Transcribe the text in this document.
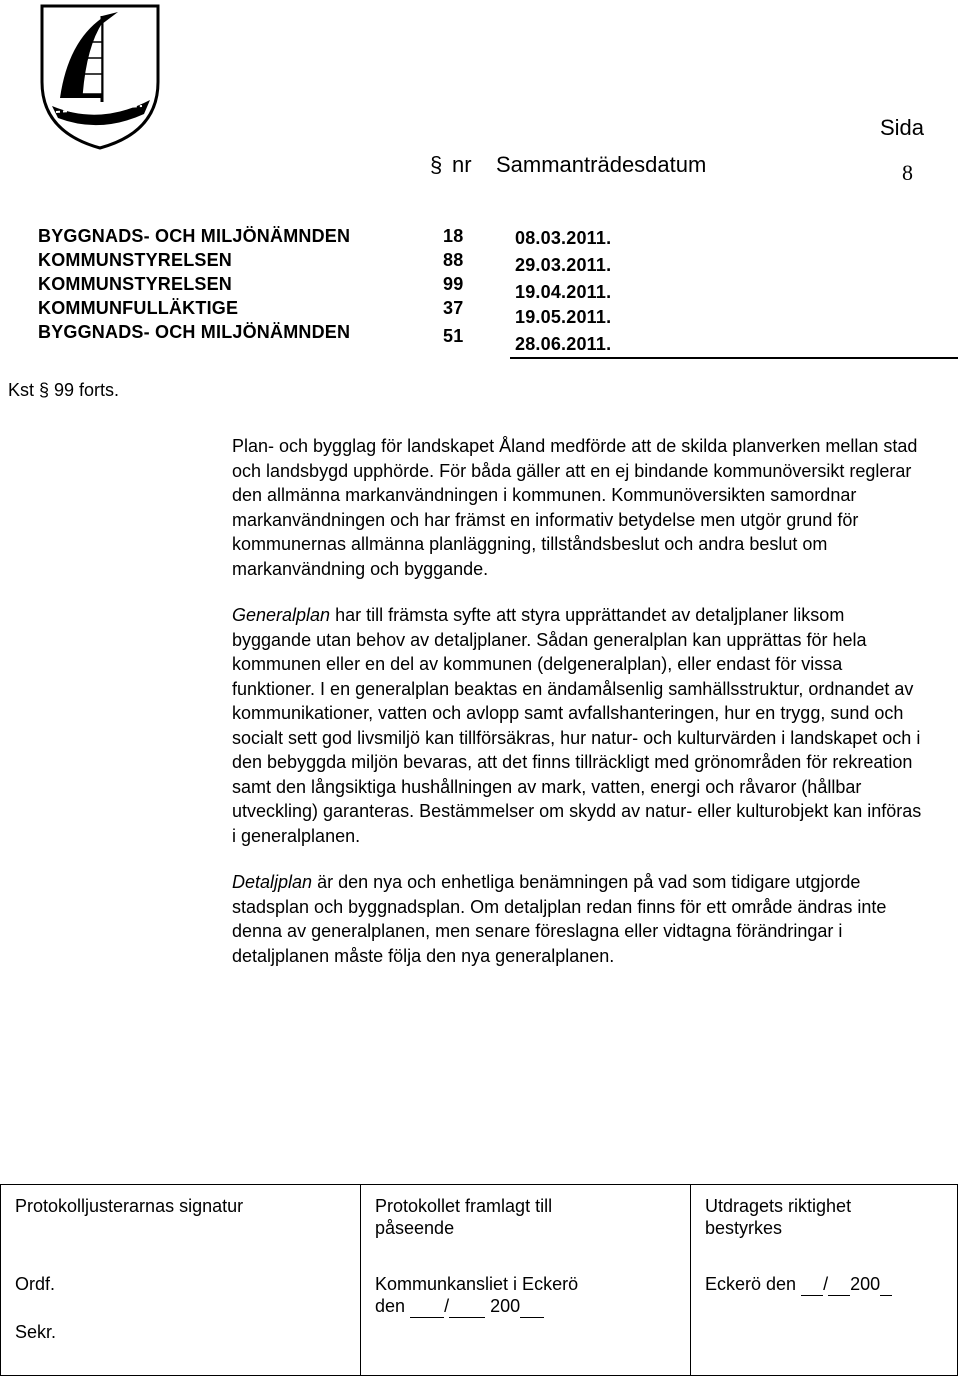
ECKERÖ KOMMUN	SAMMANTRÄDESPROTOKOLL
Sida
8
§ nr Sammanträdesdatum
BYGGNADS- OCH MILJÖNÄMNDEN	18	08.03.2011.
KOMMUNSTYRELSEN	88	29.03.2011.
KOMMUNSTYRELSEN	99	19.04.2011.
KOMMUNFULLÄKTIGE	37	19.05.2011.
BYGGNADS- OCH MILJÖNÄMNDEN	51	28.06.2011.
Kst § 99 forts.

Plan- och bygglag för landskapet Åland medförde att de skilda planverken mellan stad och landsbygd upphörde. För båda gäller att en ej bindande kommunöversikt reglerar den allmänna markanvändningen i kommunen. Kommunöversikten samordnar markanvändningen och har främst en informativ betydelse men utgör grund för kommunernas allmänna planläggning, tillståndsbeslut och andra beslut om markanvändning och byggande.

Generalplan har till främsta syfte att styra upprättandet av detaljplaner liksom byggande utan behov av detaljplaner. Sådan generalplan kan upprättas för hela kommunen eller en del av kommunen (delgeneralplan), eller endast för vissa funktioner. I en generalplan beaktas en ändamålsenlig samhällsstruktur, ordnandet av kommunikationer, vatten och avlopp samt avfallshanteringen, hur en trygg, sund och socialt sett god livsmiljö kan tillförsäkras, hur natur- och kulturvärden i landskapet och i den bebyggda miljön bevaras, att det finns tillräckligt med grönområden för rekreation samt den långsiktiga hushållningen av mark, vatten, energi och råvaror (hållbar utveckling) garanteras. Bestämmelser om skydd av natur- eller kulturobjekt kan införas i generalplanen.

Detaljplan är den nya och enhetliga benämningen på vad som tidigare utgjorde stadsplan och byggnadsplan. Om detaljplan redan finns för ett område ändras inte denna av generalplanen, men senare föreslagna eller vidtagna förändringar i detaljplanen måste följa den nya generalplanen.

Protokolljusterarnas signatur
Ordf.
Sekr.
Protokollet framlagt till
påseende
Kommunkansliet i Eckerö
den / 200
Utdragets riktighet
bestyrkes
Eckerö den / 200
